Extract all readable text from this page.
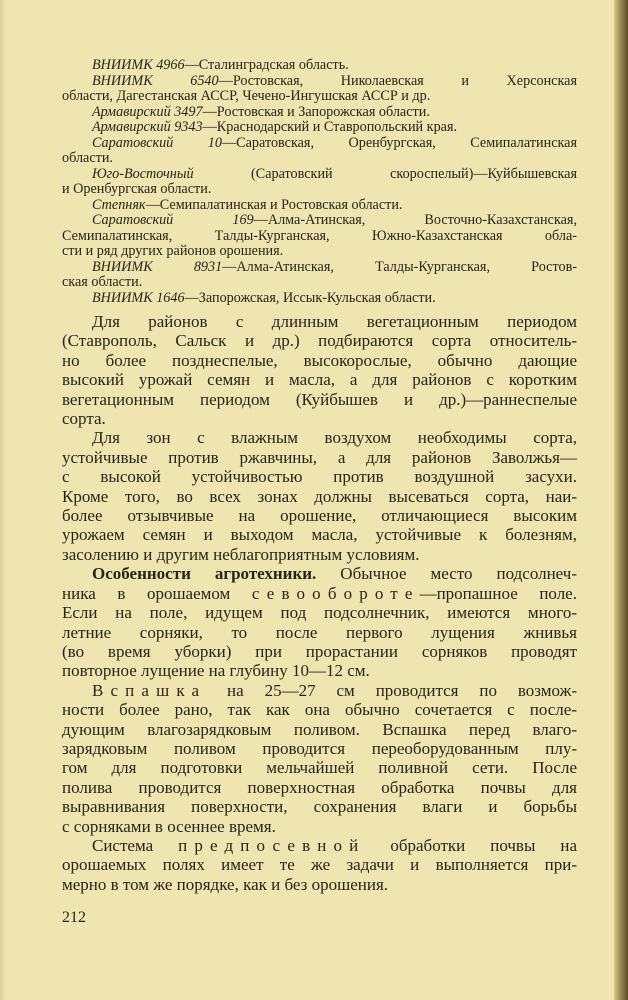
ВНИИМК 4966—Сталинградская область.
ВНИИМК 6540—Ростовская, Николаевская и Херсонская
области, Дагестанская АССР, Чечено-Ингушская АССР и др.
Армавирский 3497—Ростовская и Запорожская области.
Армавирский 9343—Краснодарский и Ставропольский края.
Саратовский 10—Саратовская, Оренбургская, Семипалатинская
области.
Юго-Восточный (Саратовский скороспелый)—Куйбышевская
и Оренбургская области.
Степняк—Семипалатинская и Ростовская области.
Саратовский 169—Алма-Атинская, Восточно-Казахстанская,
Семипалатинская, Талды-Курганская, Южно-Казахстанская обла-
сти и ряд других районов орошения.
ВНИИМК 8931—Алма-Атинская, Талды-Курганская, Ростов-
ская области.
ВНИИМК 1646—Запорожская, Иссык-Кульская области.
Для районов с длинным вегетационным периодом
(Ставрополь, Сальск и др.) подбираются сорта относитель-
но более позднеспелые, высокорослые, обычно дающие
высокий урожай семян и масла, а для районов с коротким
вегетационным периодом (Куйбышев и др.)—раннеспелые
сорта.
Для зон с влажным воздухом необходимы сорта,
устойчивые против ржавчины, а для районов Заволжья—
с высокой устойчивостью против воздушной засухи.
Кроме того, во всех зонах должны высеваться сорта, наи-
более отзывчивые на орошение, отличающиеся высоким
урожаем семян и выходом масла, устойчивые к болезням,
засолению и другим неблагоприятным условиям.
Особенности агротехники. Обычное место подсолнеч-
ника в орошаемом севообороте—пропашное поле.
Если на поле, идущем под подсолнечник, имеются много-
летние сорняки, то после первого лущения жнивья
(во время уборки) при прорастании сорняков проводят
повторное лущение на глубину 10—12 см.
Вспашка на 25—27 см проводится по возмож-
ности более рано, так как она обычно сочетается с после-
дующим влагозарядковым поливом. Вспашка перед влаго-
зарядковым поливом проводится переоборудованным плу-
гом для подготовки мельчайшей поливной сети. После
полива проводится поверхностная обработка почвы для
выравнивания поверхности, сохранения влаги и борьбы
с сорняками в осеннее время.
Система предпосевной обработки почвы на
орошаемых полях имеет те же задачи и выполняется при-
мерно в том же порядке, как и без орошения.
212
